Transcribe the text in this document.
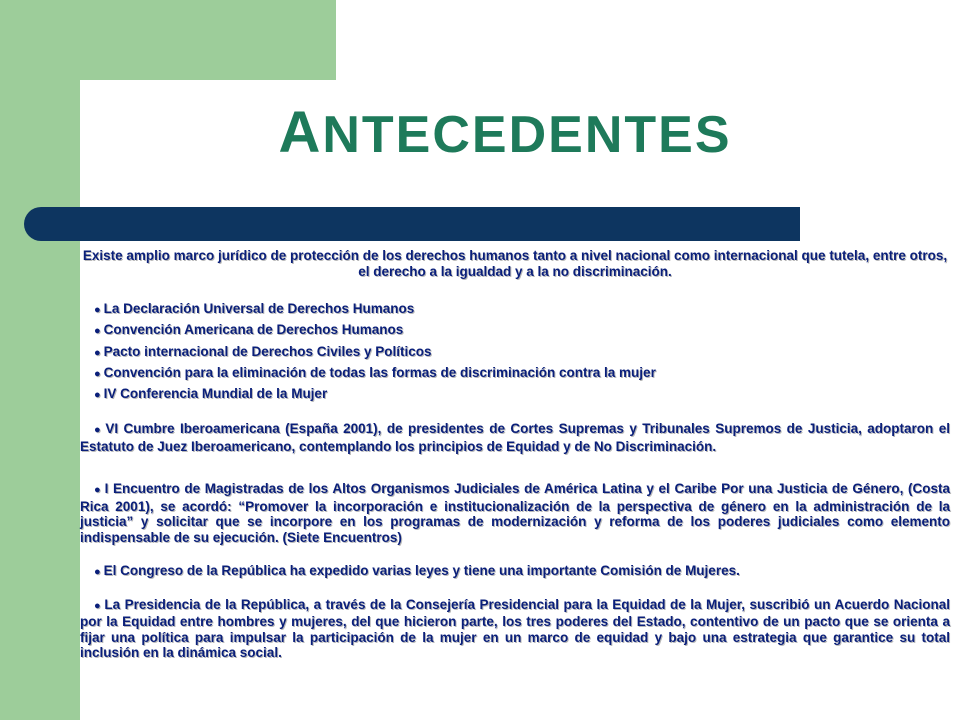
ANTECEDENTES

Existe amplio marco jurídico de protección de los derechos humanos tanto a nivel nacional como internacional que tutela, entre otros, el derecho a la igualdad y a la no discriminación.

● La Declaración Universal de Derechos Humanos
● Convención Americana de Derechos Humanos
● Pacto internacional de Derechos Civiles y Políticos
● Convención para la eliminación de todas las formas de discriminación contra la mujer
● IV Conferencia Mundial de la Mujer

● VI Cumbre Iberoamericana (España 2001), de presidentes de Cortes Supremas y Tribunales Supremos de Justicia, adoptaron el Estatuto de Juez Iberoamericano, contemplando los principios de Equidad y de No Discriminación.

● I Encuentro de Magistradas de los Altos Organismos Judiciales de América Latina y el Caribe Por una Justicia de Género, (Costa Rica 2001), se acordó: “Promover la incorporación e institucionalización de la perspectiva de género en la administración de la justicia” y solicitar que se incorpore en los programas de modernización y reforma de los poderes judiciales como elemento indispensable de su ejecución. (Siete Encuentros)

● El Congreso de la República ha expedido varias leyes y tiene una importante Comisión de Mujeres.

● La Presidencia de la República, a través de la Consejería Presidencial para la Equidad de la Mujer, suscribió un Acuerdo Nacional por la Equidad entre hombres y mujeres, del que hicieron parte, los tres poderes del Estado, contentivo de un pacto que se orienta a fijar una política para impulsar la participación de la mujer en un marco de equidad y bajo una estrategia que garantice su total inclusión en la dinámica social.
